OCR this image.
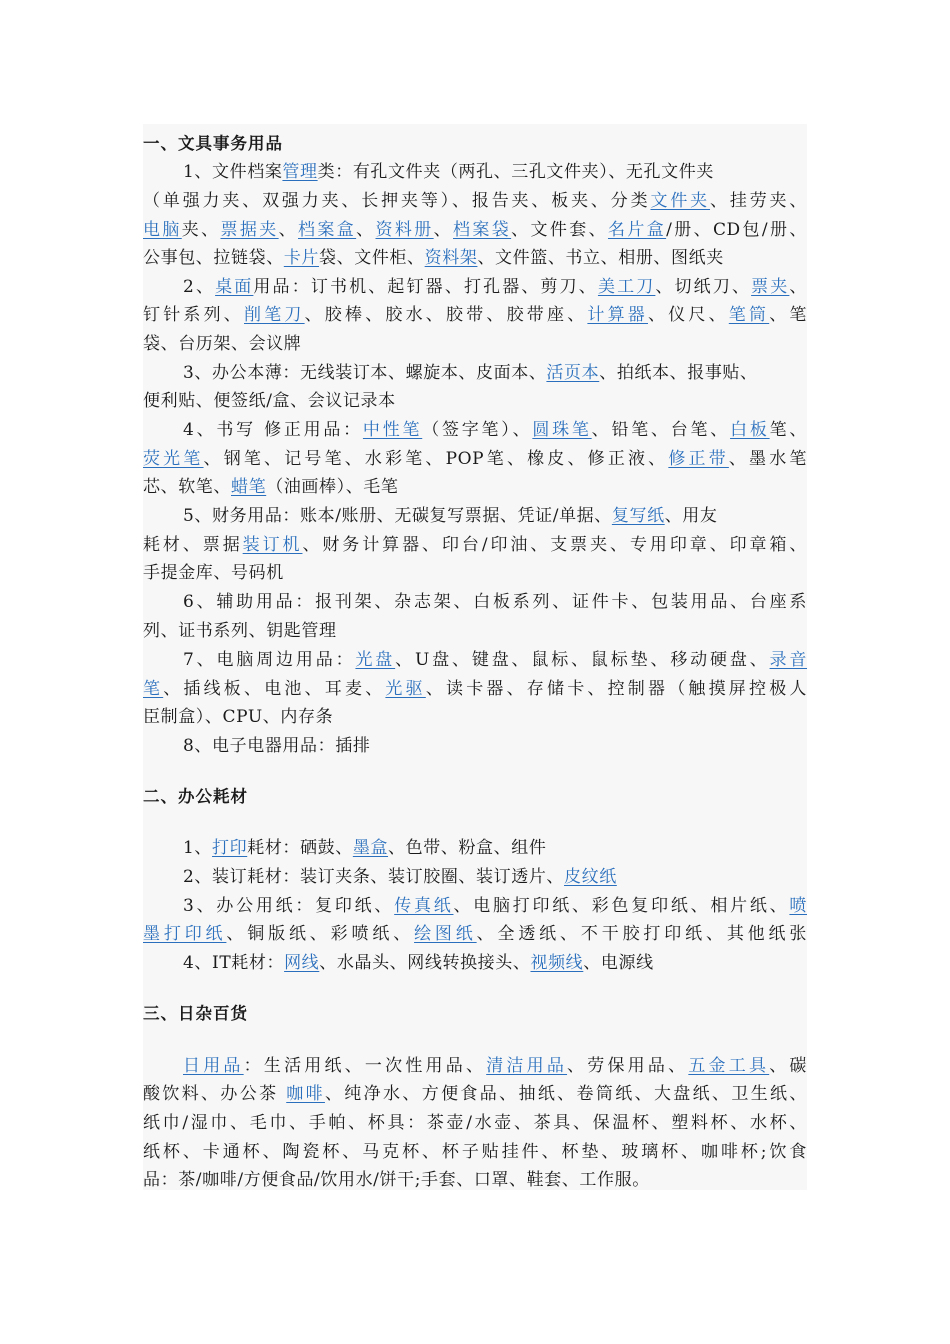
一、文具事务用品
1、文件档案管理类：有孔文件夹（两孔、三孔文件夹）、无孔文件夹
（单强力夹、双强力夹、长押夹等）、报告夹、板夹、分类文件夹、挂劳夹、
电脑夹、票据夹、档案盒、资料册、档案袋、文件套、名片盒/册、CD包/册、
公事包、拉链袋、卡片袋、文件柜、资料架、文件篮、书立、相册、图纸夹
2、桌面用品：订书机、起钉器、打孔器、剪刀、美工刀、切纸刀、票夹、
钉针系列、削笔刀、胶棒、胶水、胶带、胶带座、计算器、仪尺、笔筒、笔
袋、台历架、会议牌
3、办公本薄：无线装订本、螺旋本、皮面本、活页本、拍纸本、报事贴、
便利贴、便签纸/盒、会议记录本
4、书写 修正用品：中性笔（签字笔）、圆珠笔、铅笔、台笔、白板笔、
荧光笔、钢笔、记号笔、水彩笔、POP笔、橡皮、修正液、修正带、墨水笔
芯、软笔、蜡笔（油画棒）、毛笔
5、财务用品：账本/账册、无碳复写票据、凭证/单据、复写纸、用友
耗材、票据装订机、财务计算器、印台/印油、支票夹、专用印章、印章箱、
手提金库、号码机
6、辅助用品：报刊架、杂志架、白板系列、证件卡、包装用品、台座系
列、证书系列、钥匙管理
7、电脑周边用品：光盘、U盘、键盘、鼠标、鼠标垫、移动硬盘、录音
笔、插线板、电池、耳麦、光驱、读卡器、存储卡、控制器（触摸屏控极人
臣制盒）、CPU、内存条
8、电子电器用品：插排
二、办公耗材
1、打印耗材：硒鼓、墨盒、色带、粉盒、组件
2、装订耗材：装订夹条、装订胶圈、装订透片、皮纹纸
3、办公用纸：复印纸、传真纸、电脑打印纸、彩色复印纸、相片纸、喷
墨打印纸、铜版纸、彩喷纸、绘图纸、全透纸、不干胶打印纸、其他纸张
4、IT耗材：网线、水晶头、网线转换接头、视频线、电源线
三、日杂百货
日用品：生活用纸、一次性用品、清洁用品、劳保用品、五金工具、碳
酸饮料、办公茶 咖啡、纯净水、方便食品、抽纸、卷筒纸、大盘纸、卫生纸、
纸巾/湿巾、毛巾、手帕、杯具：茶壶/水壶、茶具、保温杯、塑料杯、水杯、
纸杯、卡通杯、陶瓷杯、马克杯、杯子贴挂件、杯垫、玻璃杯、咖啡杯;饮食
品：茶/咖啡/方便食品/饮用水/饼干;手套、口罩、鞋套、工作服。
